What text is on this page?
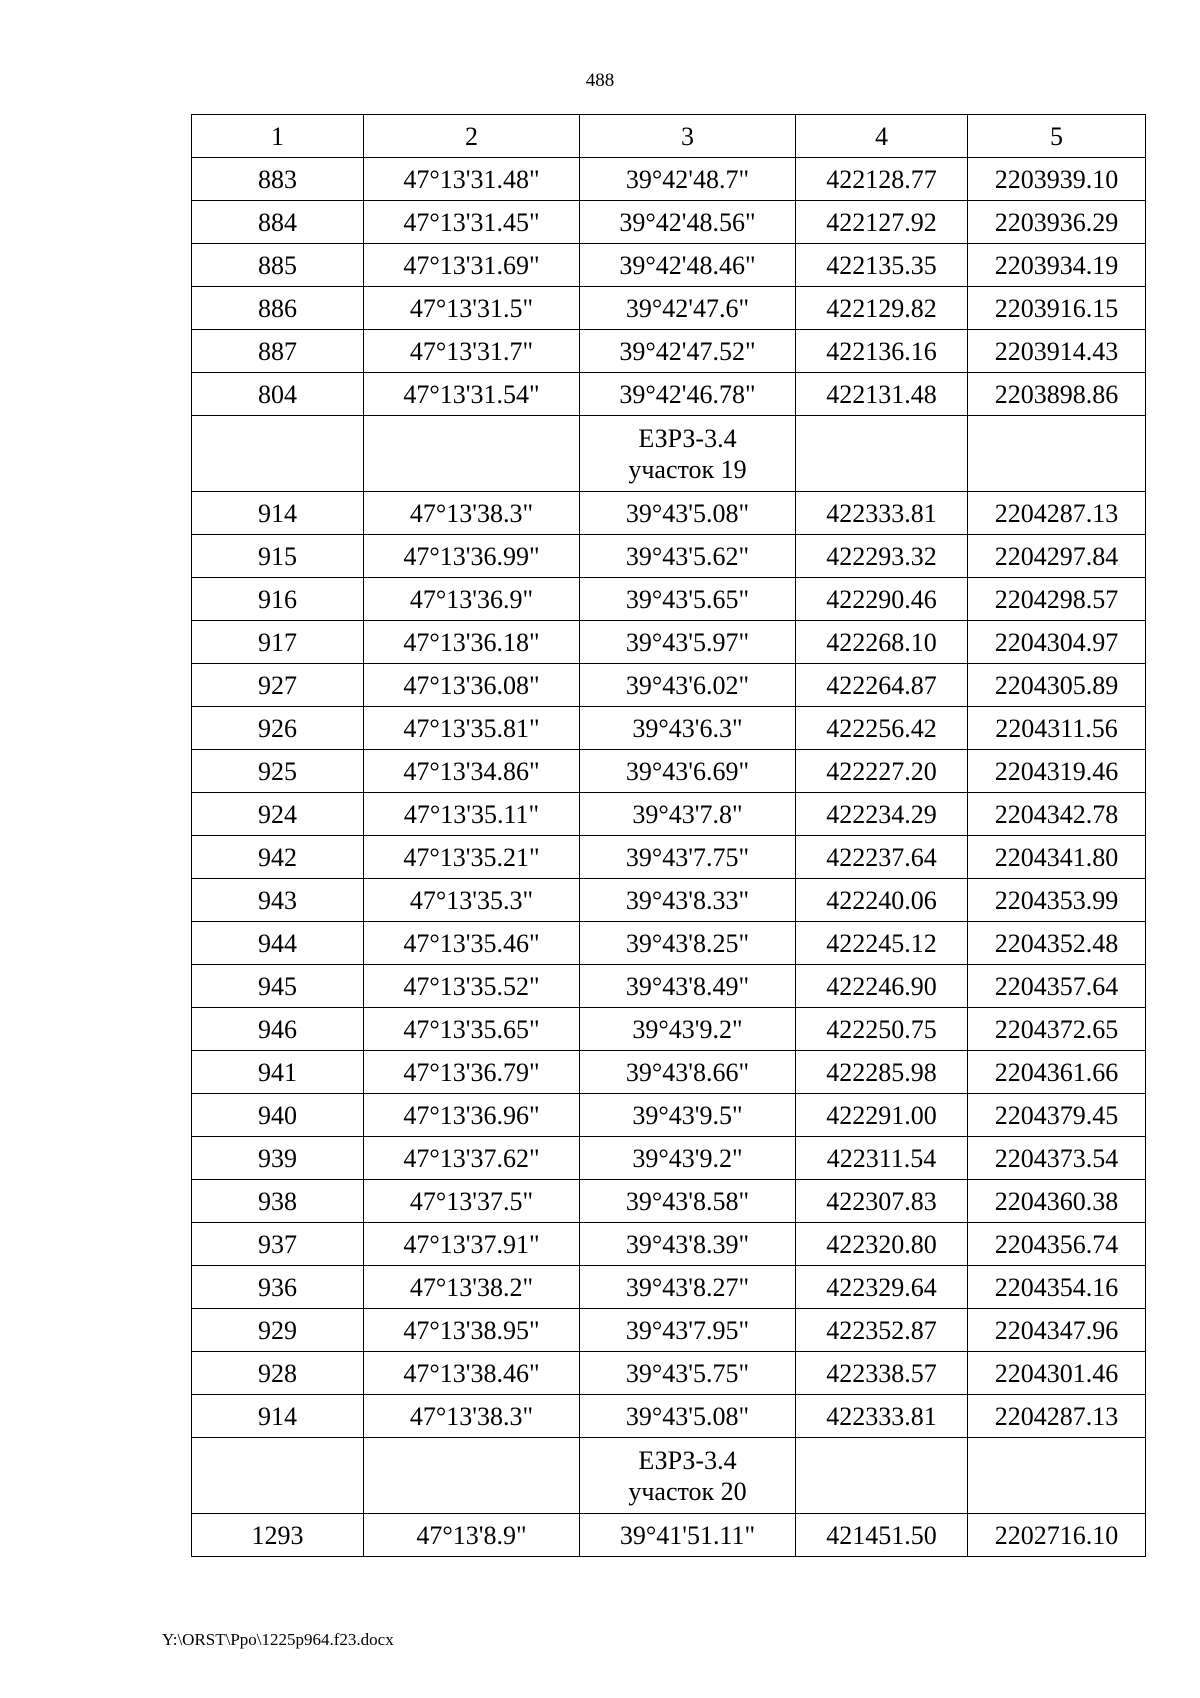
488
1	2	3	4	5
883	47°13'31.48"	39°42'48.7"	422128.77	2203939.10
884	47°13'31.45"	39°42'48.56"	422127.92	2203936.29
885	47°13'31.69"	39°42'48.46"	422135.35	2203934.19
886	47°13'31.5"	39°42'47.6"	422129.82	2203916.15
887	47°13'31.7"	39°42'47.52"	422136.16	2203914.43
804	47°13'31.54"	39°42'46.78"	422131.48	2203898.86

		ЕЗРЗ-3.4
участок 19		

914	47°13'38.3"	39°43'5.08"	422333.81	2204287.13
915	47°13'36.99"	39°43'5.62"	422293.32	2204297.84
916	47°13'36.9"	39°43'5.65"	422290.46	2204298.57
917	47°13'36.18"	39°43'5.97"	422268.10	2204304.97
927	47°13'36.08"	39°43'6.02"	422264.87	2204305.89
926	47°13'35.81"	39°43'6.3"	422256.42	2204311.56
925	47°13'34.86"	39°43'6.69"	422227.20	2204319.46
924	47°13'35.11"	39°43'7.8"	422234.29	2204342.78
942	47°13'35.21"	39°43'7.75"	422237.64	2204341.80
943	47°13'35.3"	39°43'8.33"	422240.06	2204353.99
944	47°13'35.46"	39°43'8.25"	422245.12	2204352.48
945	47°13'35.52"	39°43'8.49"	422246.90	2204357.64
946	47°13'35.65"	39°43'9.2"	422250.75	2204372.65
941	47°13'36.79"	39°43'8.66"	422285.98	2204361.66
940	47°13'36.96"	39°43'9.5"	422291.00	2204379.45
939	47°13'37.62"	39°43'9.2"	422311.54	2204373.54
938	47°13'37.5"	39°43'8.58"	422307.83	2204360.38
937	47°13'37.91"	39°43'8.39"	422320.80	2204356.74
936	47°13'38.2"	39°43'8.27"	422329.64	2204354.16
929	47°13'38.95"	39°43'7.95"	422352.87	2204347.96
928	47°13'38.46"	39°43'5.75"	422338.57	2204301.46
914	47°13'38.3"	39°43'5.08"	422333.81	2204287.13

		ЕЗРЗ-3.4
участок 20		

1293	47°13'8.9"	39°41'51.11"	421451.50	2202716.10
Y:\ORST\Ppo\1225p964.f23.docx
